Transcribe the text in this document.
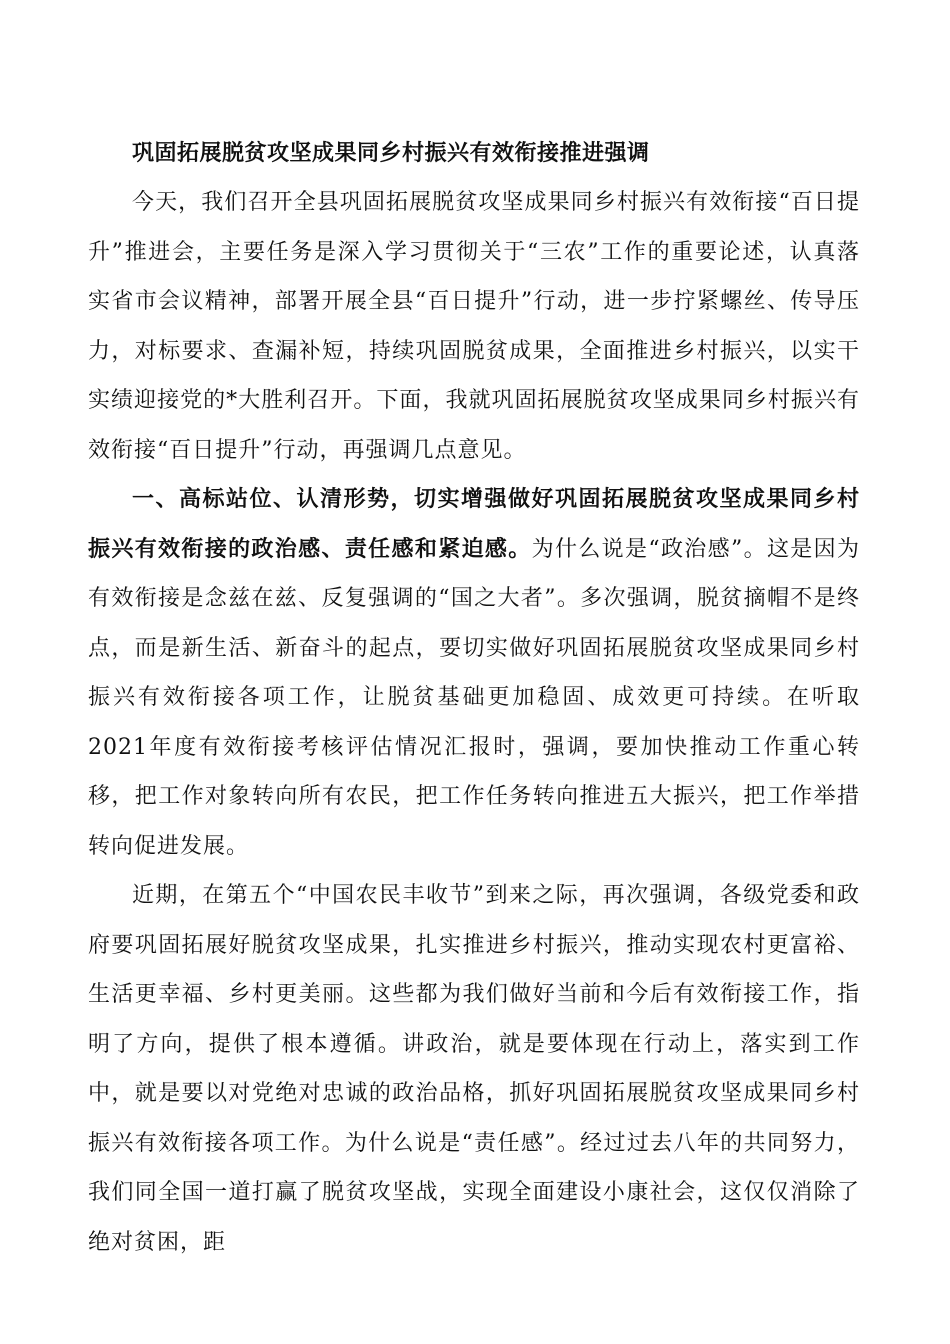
巩固拓展脱贫攻坚成果同乡村振兴有效衔接推进强调

今天，我们召开全县巩固拓展脱贫攻坚成果同乡村振兴有效衔接“百日提升”推进会，主要任务是深入学习贯彻关于“三农”工作的重要论述，认真落实省市会议精神，部署开展全县“百日提升”行动，进一步拧紧螺丝、传导压力，对标要求、查漏补短，持续巩固脱贫成果，全面推进乡村振兴，以实干实绩迎接党的*大胜利召开。下面，我就巩固拓展脱贫攻坚成果同乡村振兴有效衔接“百日提升”行动，再强调几点意见。

一、高标站位、认清形势，切实增强做好巩固拓展脱贫攻坚成果同乡村振兴有效衔接的政治感、责任感和紧迫感。为什么说是“政治感”。这是因为有效衔接是念兹在兹、反复强调的“国之大者”。多次强调，脱贫摘帽不是终点，而是新生活、新奋斗的起点，要切实做好巩固拓展脱贫攻坚成果同乡村振兴有效衔接各项工作，让脱贫基础更加稳固、成效更可持续。在听取2021年度有效衔接考核评估情况汇报时，强调，要加快推动工作重心转移，把工作对象转向所有农民，把工作任务转向推进五大振兴，把工作举措转向促进发展。

近期，在第五个“中国农民丰收节”到来之际，再次强调，各级党委和政府要巩固拓展好脱贫攻坚成果，扎实推进乡村振兴，推动实现农村更富裕、生活更幸福、乡村更美丽。这些都为我们做好当前和今后有效衔接工作，指明了方向，提供了根本遵循。讲政治，就是要体现在行动上，落实到工作中，就是要以对党绝对忠诚的政治品格，抓好巩固拓展脱贫攻坚成果同乡村振兴有效衔接各项工作。为什么说是“责任感”。经过过去八年的共同努力，我们同全国一道打赢了脱贫攻坚战，实现全面建设小康社会，这仅仅消除了绝对贫困，距
